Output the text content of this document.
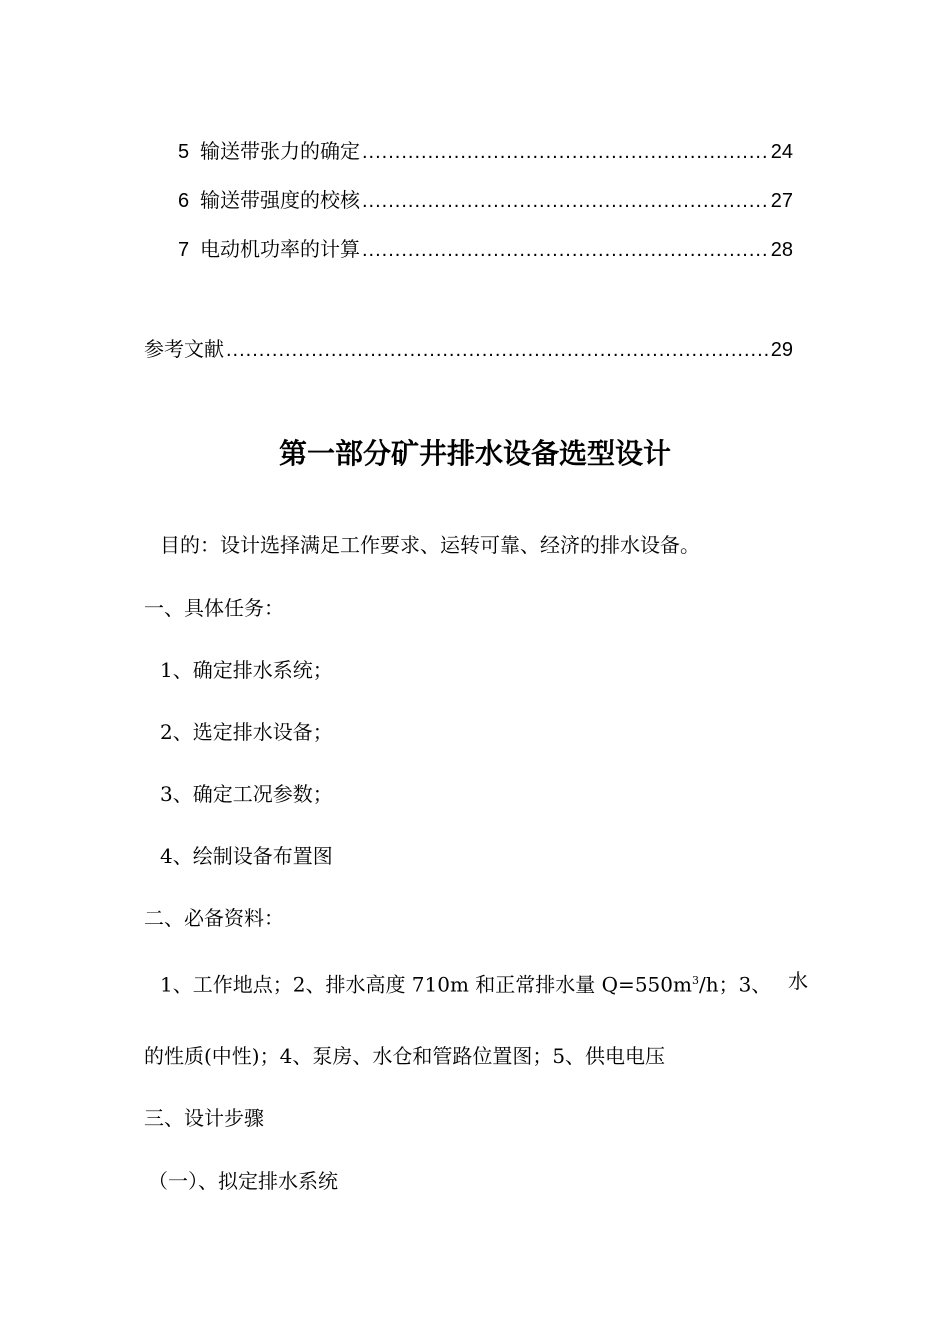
5 输送带张力的确定 .....	24
6 输送带强度的校核 .....	27
7 电动机功率的计算 .....	28
参考文献 .....	29
第一部分矿井排水设备选型设计
目的：设计选择满足工作要求、运转可靠、经济的排水设备。
一、具体任务：
1、确定排水系统；
2、选定排水设备；
3、确定工况参数；
4、绘制设备布置图
二、必备资料：
1、工作地点；2、排水高度 710m 和正常排水量 $Q=550m^3/h$；3、 水
的性质(中性)；4、泵房、水仓和管路位置图；5、供电电压
三、设计步骤
（一）、拟定排水系统
